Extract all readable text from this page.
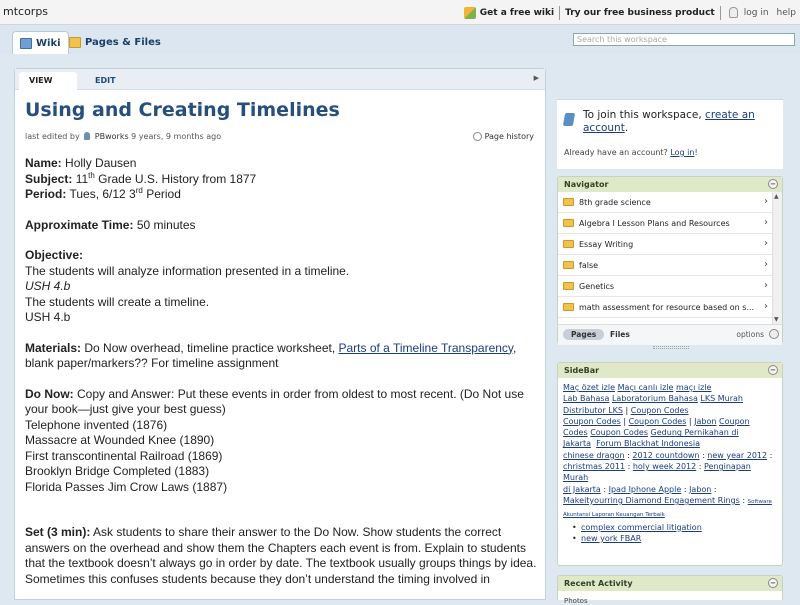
mtcorps	Get a free wiki	Try our free business product	log in help
Wiki Pages & Files	Search this workspace
VIEW	EDIT	▶
Using and Creating Timelines
last edited by PBworks 9 years, 9 months ago	Page history

Name: Holly Dausen

Subject: 11th Grade U.S. History from 1877

Period: Tues, 6/12 3rd Period

Approximate Time: 50 minutes

Objective:

The students will analyze information presented in a timeline.

USH 4.b

The students will create a timeline.

USH 4.b

Materials: Do Now overhead, timeline practice worksheet, Parts of a Timeline Transparency, blank paper/markers?? For timeline assignment

Do Now: Copy and Answer: Put these events in order from oldest to most recent. (Do Not use your book—just give your best guess)

Telephone invented (1876)

Massacre at Wounded Knee (1890)

First transcontinental Railroad (1869)

Brooklyn Bridge Completed (1883)

Florida Passes Jim Crow Laws (1887)

Set (3 min): Ask students to share their answer to the Do Now. Show students the correct answers on the overhead and show them the Chapters each event is from. Explain to students that the textbook doesn’t always go in order by date. The textbook usually groups things by idea. Sometimes this confuses students because they don’t understand the timing involved in

To join this workspace, create an account.
Already have an account? Log in!
Navigator	−
8th grade science	›
Algebra I Lesson Plans and Resources	›
Essay Writing	›
false	›
Genetics	›
math assessment for resource based on s... ›
▲
▼
Pages	Files	options
SideBar	−
Maç özet izle Maçı canlı izle maçı izle
Lab Bahasa Laboratorium Bahasa LKS Murah
Distributor LKS | Coupon Codes
Coupon Codes | Coupon Codes | Jabon Coupon
Codes Coupon Codes Gedung Pernikahan di
Jakarta Forum Blackhat Indonesia
chinese dragon : 2012 countdown : new year 2012 :
christmas 2011 : holy week 2012 : Penginapan Murah
di Jakarta : Ipad Iphone Apple : Jabon :
Makeityourring Diamond Engagement Rings : Software Akuntansi Laporan Keuangan Terbaik
• complex commercial litigation
• new york FBAR
Recent Activity	−
Photos
